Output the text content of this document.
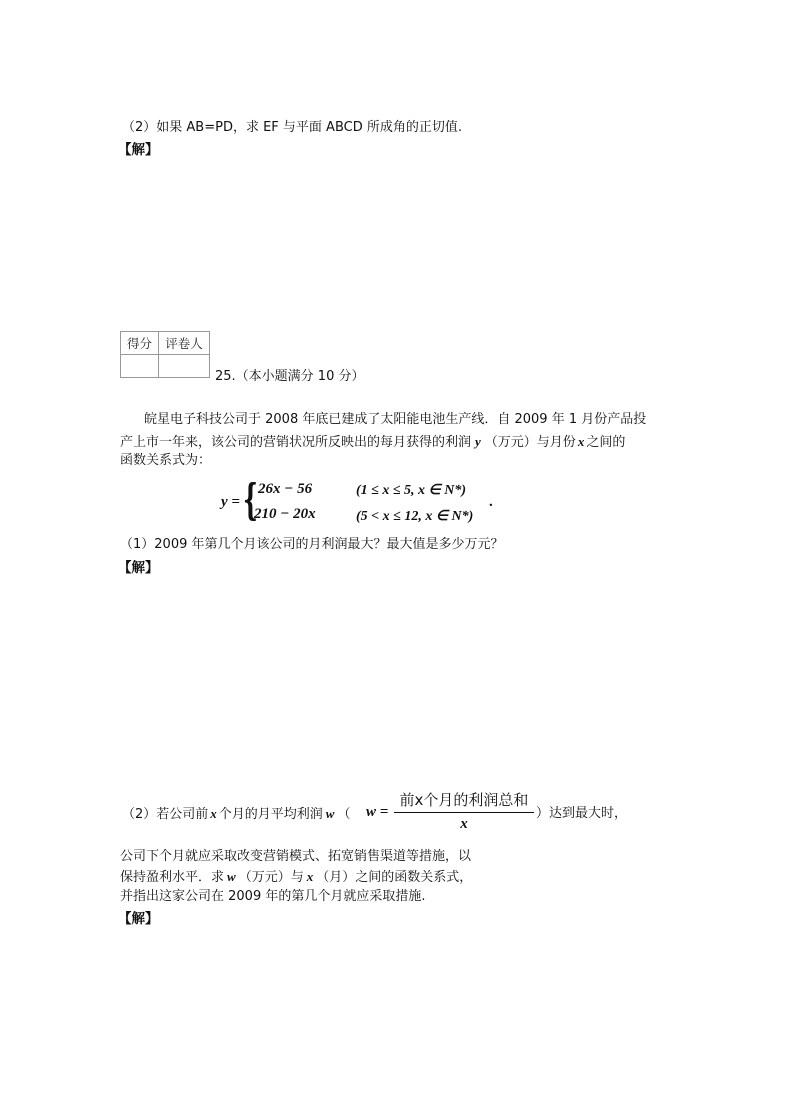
（2）如果 AB=PD，求 EF 与平面 ABCD 所成角的正切值.
【解】
得分	评卷人

25.（本小题满分 10 分）
皖星电子科技公司于 2008 年底已建成了太阳能电池生产线．自 2009 年 1 月份产品投
产上市一年来，该公司的营销状况所反映出的每月获得的利润 y （万元）与月份 x 之间的
函数关系式为：
y = { 26x − 56	(1 ≤ x ≤ 5, x ∈ N*)
210 − 20x	(5 < x ≤ 12, x ∈ N*)
.
（1）2009 年第几个月该公司的月利润最大？最大值是多少万元？
【解】
（2）若公司前 x 个月的月平均利润 w （ w =
前x个月的利润总和
x
）达到最大时，
公司下个月就应采取改变营销模式、拓宽销售渠道等措施，以
保持盈利水平．求 w （万元）与 x （月）之间的函数关系式，
并指出这家公司在 2009 年的第几个月就应采取措施.
【解】
